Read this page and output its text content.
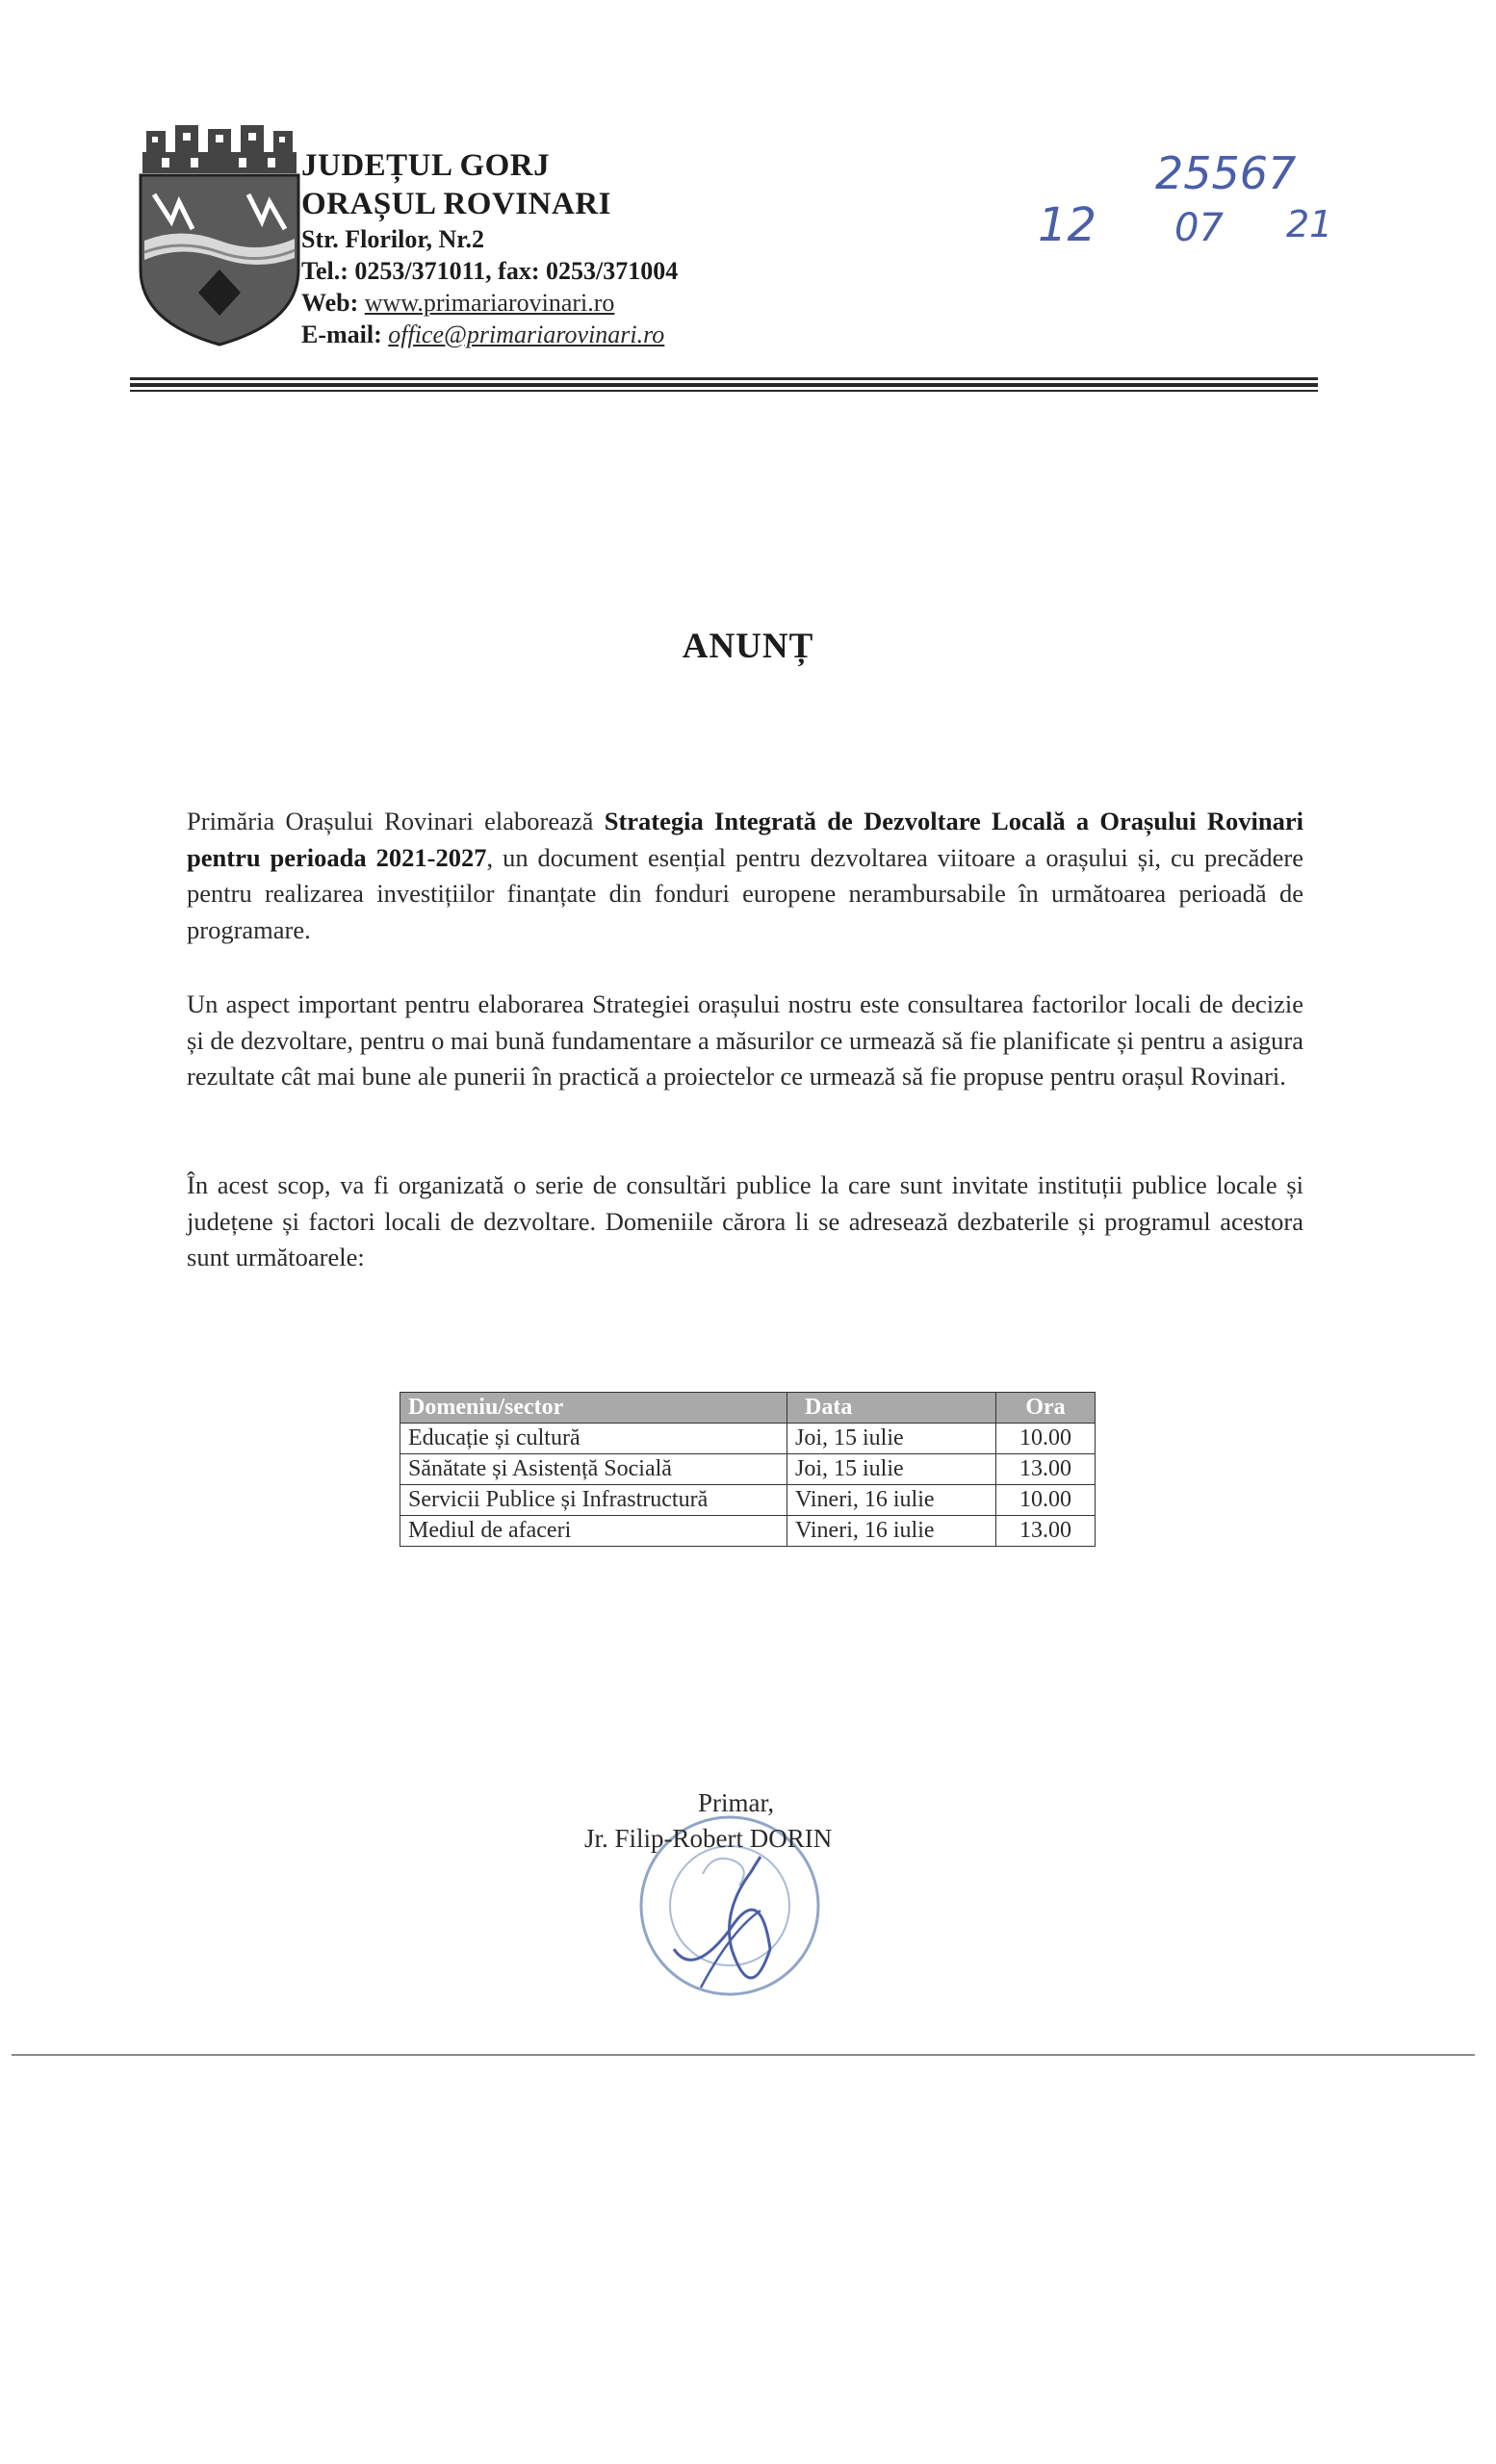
JUDEȚUL GORJ
ORAȘUL ROVINARI
Str. Florilor, Nr.2
Tel.: 0253/371011, fax: 0253/371004
Web: www.primariarovinari.ro
E-mail: office@primariarovinari.ro
25567
12 07 21
ANUNȚ
Primăria Orașului Rovinari elaborează Strategia Integrată de Dezvoltare Locală a Orașului Rovinari pentru perioada 2021-2027, un document esențial pentru dezvoltarea viitoare a orașului și, cu precădere pentru realizarea investițiilor finanțate din fonduri europene nerambursabile în următoarea perioadă de programare.
Un aspect important pentru elaborarea Strategiei orașului nostru este consultarea factorilor locali de decizie și de dezvoltare, pentru o mai bună fundamentare a măsurilor ce urmează să fie planificate și pentru a asigura rezultate cât mai bune ale punerii în practică a proiectelor ce urmează să fie propuse pentru orașul Rovinari.
În acest scop, va fi organizată o serie de consultări publice la care sunt invitate instituții publice locale și județene și factori locali de dezvoltare. Domeniile cărora li se adresează dezbaterile și programul acestora sunt următoarele:
Domeniu/sector	Data	Ora
Educație și cultură	Joi, 15 iulie	10.00
Sănătate și Asistență Socială	Joi, 15 iulie	13.00
Servicii Publice și Infrastructură	Vineri, 16 iulie	10.00
Mediul de afaceri	Vineri, 16 iulie	13.00
Primar,
Jr. Filip-Robert DORIN
